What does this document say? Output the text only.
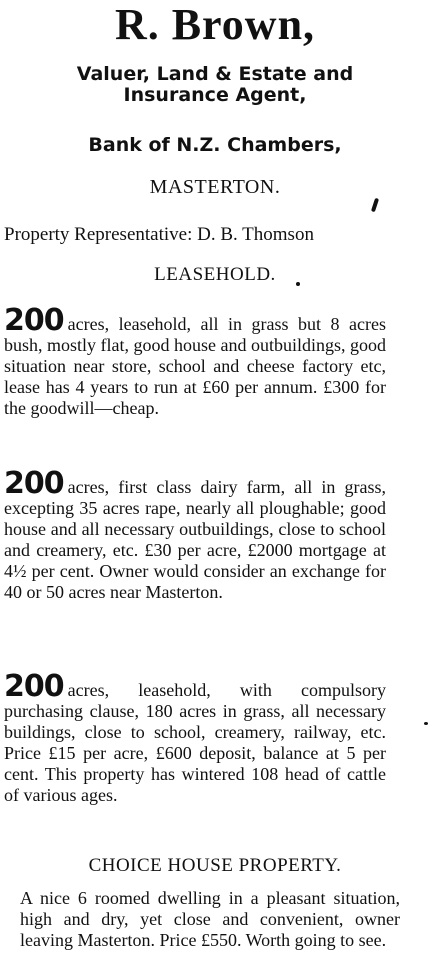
R. Brown,
Valuer, Land & Estate and Insurance Agent,
Bank of N.Z. Chambers,
MASTERTON.
Property Representative: D. B. Thomson
LEASEHOLD.
200 acres, leasehold, all in grass but 8 acres bush, mostly flat, good house and outbuildings, good situation near store, school and cheese factory etc, lease has 4 years to run at £60 per annum. £300 for the goodwill—cheap.
200 acres, first class dairy farm, all in grass, excepting 35 acres rape, nearly all ploughable; good house and all necessary outbuildings, close to school and creamery, etc. £30 per acre, £2000 mortgage at 4½ per cent. Owner would consider an exchange for 40 or 50 acres near Masterton.
200 acres, leasehold, with compulsory purchasing clause, 180 acres in grass, all necessary buildings, close to school, creamery, railway, etc. Price £15 per acre, £600 deposit, balance at 5 per cent. This property has wintered 108 head of cattle of various ages.
CHOICE HOUSE PROPERTY.
A nice 6 roomed dwelling in a pleasant situation, high and dry, yet close and convenient, owner leaving Masterton. Price £550. Worth going to see.
